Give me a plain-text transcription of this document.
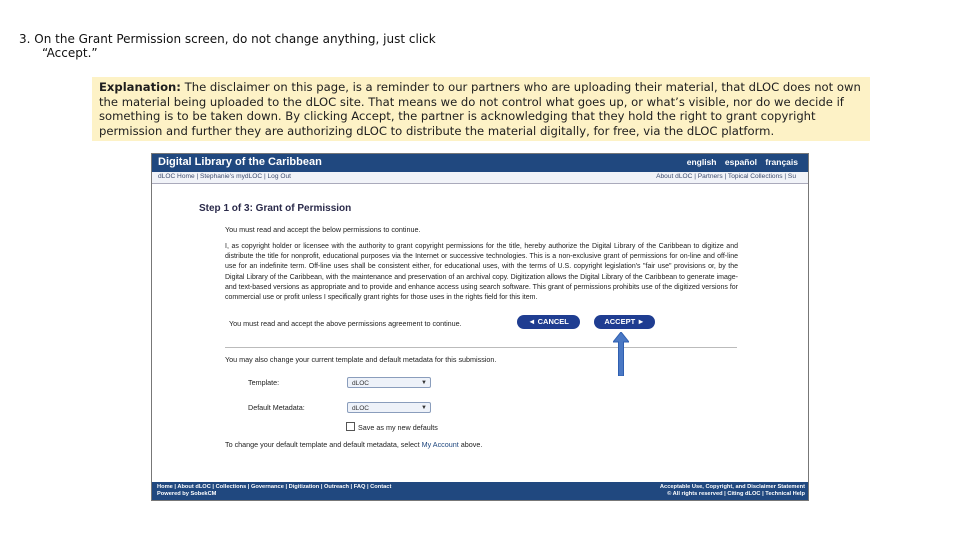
3. On the Grant Permission screen, do not change anything, just click
“Accept.”
Explanation: The disclaimer on this page, is a reminder to our partners who are uploading their material, that dLOC does not own the material being uploaded to the dLOC site. That means we do not control what goes up, or what’s visible, nor do we decide if something is to be taken down. By clicking Accept, the partner is acknowledging that they hold the right to grant copyright permission and further they are authorizing dLOC to distribute the material digitally, for free, via the dLOC platform.
Digital Library of the Caribbean	english español français
dLOC Home | Stephanie's mydLOC | Log Out	About dLOC | Partners | Topical Collections | Su
Step 1 of 3: Grant of Permission
You must read and accept the below permissions to continue.
I, as copyright holder or licensee with the authority to grant copyright permissions for the title, hereby authorize the Digital Library of the Caribbean to digitize and distribute the title for nonprofit, educational purposes via the Internet or successive technologies. This is a non-exclusive grant of permissions for on-line and off-line use for an indefinite term. Off-line uses shall be consistent either, for educational uses, with the terms of U.S. copyright legislation's "fair use" provisions or, by the Digital Library of the Caribbean, with the maintenance and preservation of an archival copy. Digitization allows the Digital Library of the Caribbean to generate image- and text-based versions as appropriate and to provide and enhance access using search software. This grant of permissions prohibits use of the digitized versions for commercial use or profit unless I specifically grant rights for those uses in the rights field for this item.
You must read and accept the above permissions agreement to continue.	◄ CANCEL	ACCEPT ►
You may also change your current template and default metadata for this submission.
Template:	dLOC	▼
Default Metadata:	dLOC	▼
Save as my new defaults
To change your default template and default metadata, select My Account above.
Home | About dLOC | Collections | Governance | Digitization | Outreach | FAQ | Contact
Powered by SobekCM
Acceptable Use, Copyright, and Disclaimer Statement
© All rights reserved | Citing dLOC | Technical Help
